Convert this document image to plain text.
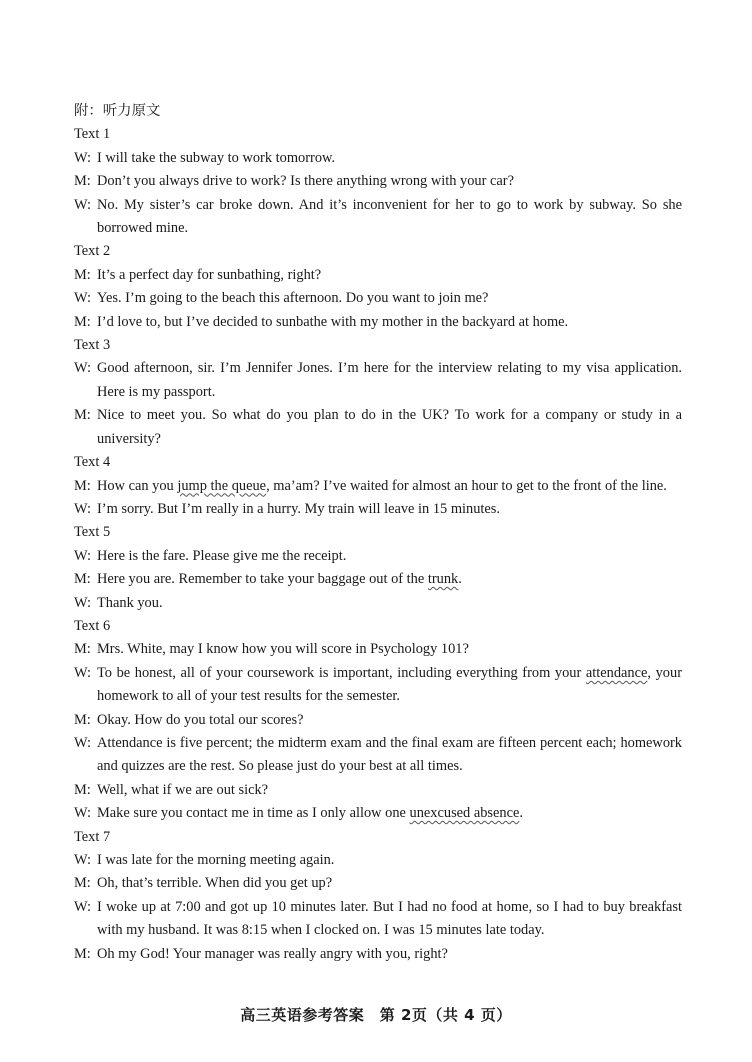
附：听力原文
Text 1
W: I will take the subway to work tomorrow.
M: Don’t you always drive to work? Is there anything wrong with your car?
W: No. My sister’s car broke down. And it’s inconvenient for her to go to work by subway. So she borrowed mine.
Text 2
M: It’s a perfect day for sunbathing, right?
W: Yes. I’m going to the beach this afternoon. Do you want to join me?
M: I’d love to, but I’ve decided to sunbathe with my mother in the backyard at home.
Text 3
W: Good afternoon, sir. I’m Jennifer Jones. I’m here for the interview relating to my visa application. Here is my passport.
M: Nice to meet you. So what do you plan to do in the UK? To work for a company or study in a university?
Text 4
M: How can you jump the queue, ma’am? I’ve waited for almost an hour to get to the front of the line.
W: I’m sorry. But I’m really in a hurry. My train will leave in 15 minutes.
Text 5
W: Here is the fare. Please give me the receipt.
M: Here you are. Remember to take your baggage out of the trunk.
W: Thank you.
Text 6
M: Mrs. White, may I know how you will score in Psychology 101?
W: To be honest, all of your coursework is important, including everything from your attendance, your homework to all of your test results for the semester.
M: Okay. How do you total our scores?
W: Attendance is five percent; the midterm exam and the final exam are fifteen percent each; homework and quizzes are the rest. So please just do your best at all times.
M: Well, what if we are out sick?
W: Make sure you contact me in time as I only allow one unexcused absence.
Text 7
W: I was late for the morning meeting again.
M: Oh, that’s terrible. When did you get up?
W: I woke up at 7:00 and got up 10 minutes later. But I had no food at home, so I had to buy breakfast with my husband. It was 8:15 when I clocked on. I was 15 minutes late today.
M: Oh my God! Your manager was really angry with you, right?
高三英语参考答案　第 2页（共 4 页）
